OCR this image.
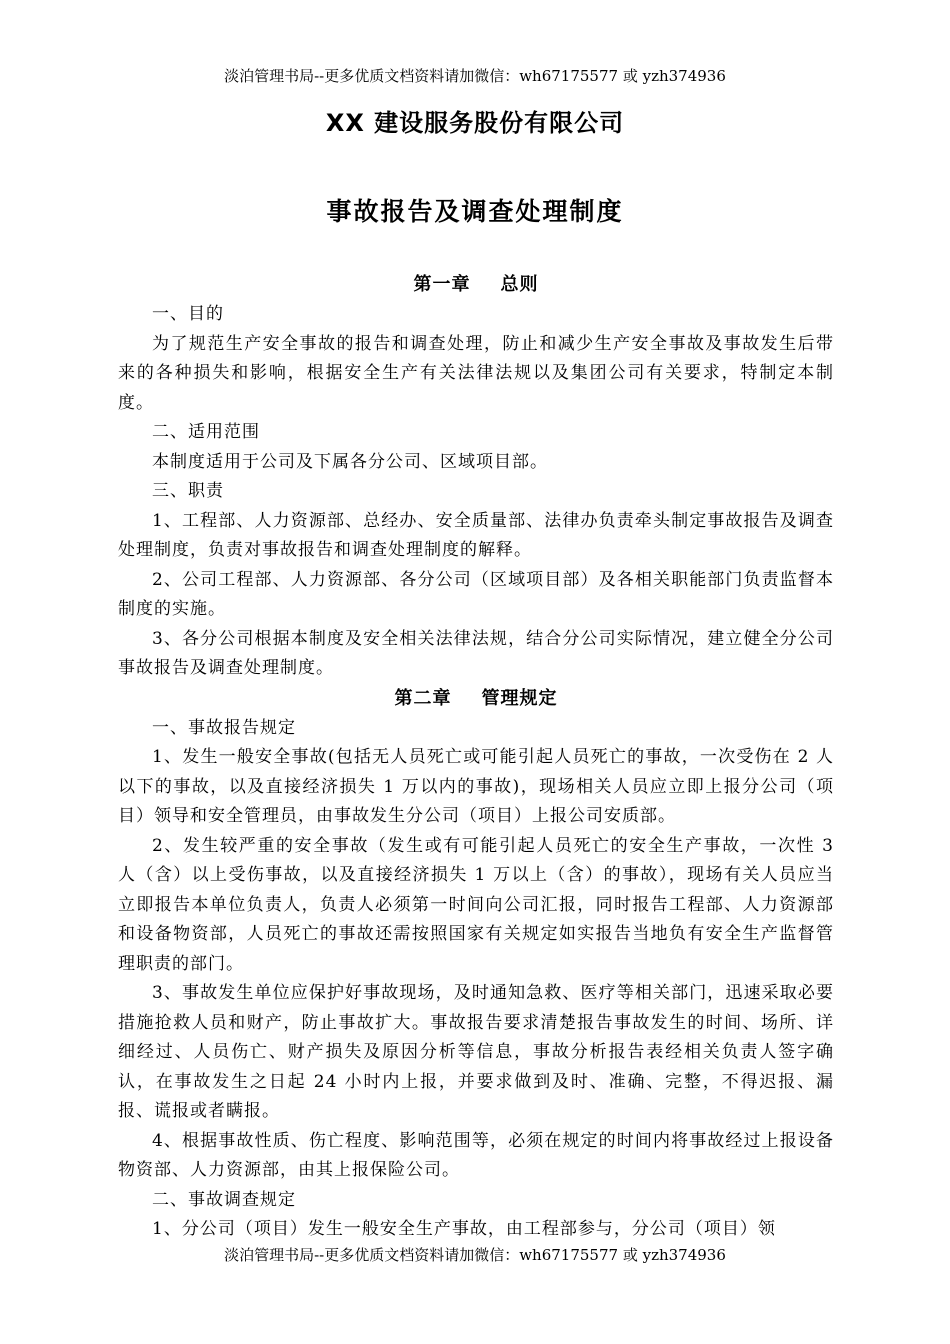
淡泊管理书局--更多优质文档资料请加微信：wh67175577 或 yzh374936
XX 建设服务股份有限公司
事故报告及调查处理制度
第一章 总则

一、目的

为了规范生产安全事故的报告和调查处理，防止和减少生产安全事故及事故发生后带来的各种损失和影响，根据安全生产有关法律法规以及集团公司有关要求，特制定本制度。

二、适用范围

本制度适用于公司及下属各分公司、区域项目部。

三、职责

1、工程部、人力资源部、总经办、安全质量部、法律办负责牵头制定事故报告及调查处理制度，负责对事故报告和调查处理制度的解释。

2、公司工程部、人力资源部、各分公司（区域项目部）及各相关职能部门负责监督本制度的实施。

3、各分公司根据本制度及安全相关法律法规，结合分公司实际情况，建立健全分公司事故报告及调查处理制度。

第二章 管理规定

一、事故报告规定

1、发生一般安全事故(包括无人员死亡或可能引起人员死亡的事故，一次受伤在 2 人以下的事故，以及直接经济损失 1 万以内的事故)，现场相关人员应立即上报分公司（项目）领导和安全管理员，由事故发生分公司（项目）上报公司安质部。

2、发生较严重的安全事故（发生或有可能引起人员死亡的安全生产事故，一次性 3 人（含）以上受伤事故，以及直接经济损失 1 万以上（含）的事故），现场有关人员应当立即报告本单位负责人，负责人必须第一时间向公司汇报，同时报告工程部、人力资源部和设备物资部，人员死亡的事故还需按照国家有关规定如实报告当地负有安全生产监督管理职责的部门。

3、事故发生单位应保护好事故现场，及时通知急救、医疗等相关部门，迅速采取必要措施抢救人员和财产，防止事故扩大。事故报告要求清楚报告事故发生的时间、场所、详细经过、人员伤亡、财产损失及原因分析等信息，事故分析报告表经相关负责人签字确认，在事故发生之日起 24 小时内上报，并要求做到及时、准确、完整，不得迟报、漏报、谎报或者瞒报。

4、根据事故性质、伤亡程度、影响范围等，必须在规定的时间内将事故经过上报设备物资部、人力资源部，由其上报保险公司。

二、事故调查规定

1、分公司（项目）发生一般安全生产事故，由工程部参与，分公司（项目）领

淡泊管理书局--更多优质文档资料请加微信：wh67175577 或 yzh374936
